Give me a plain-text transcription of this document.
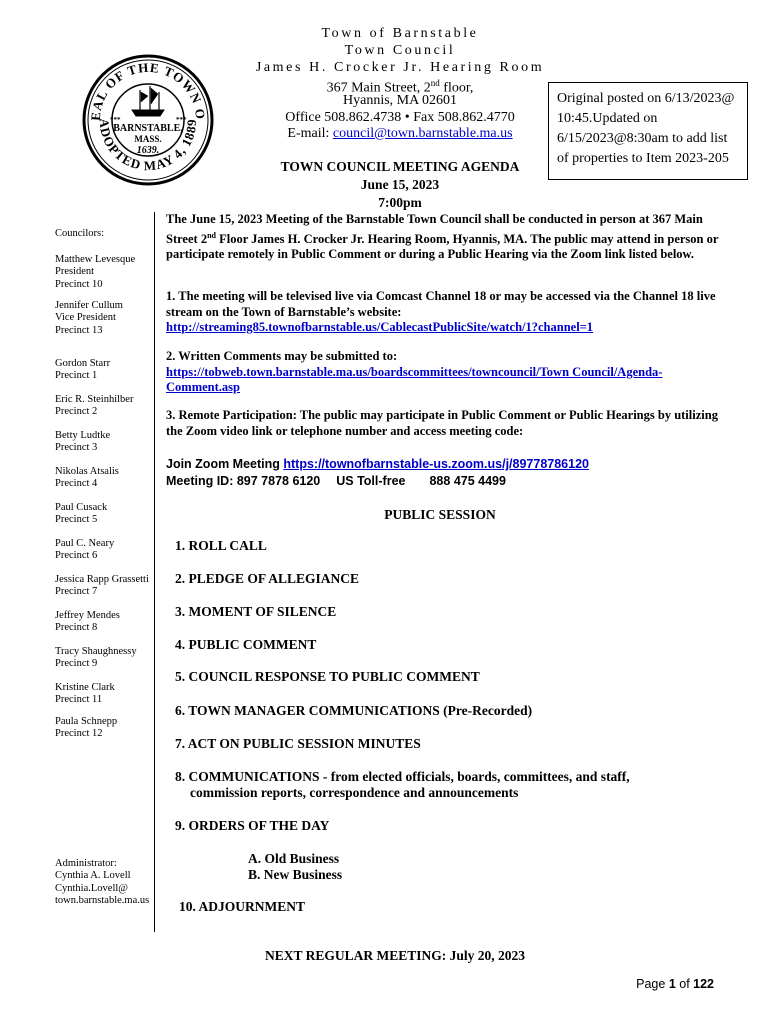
Town of Barnstable
Town Council
James H. Crocker Jr. Hearing Room
367 Main Street, 2nd floor,
Hyannis, MA 02601
Office 508.862.4738 • Fax 508.862.4770
E-mail: council@town.barnstable.ma.us
EAL OF THE TOWN O
ADOPTED MAY 4, 1889
BARNSTABLE,
MASS.
1639.
***	***
Original posted on 6/13/2023@ 10:45.Updated on 6/15/2023@8:30am to add list of properties to Item 2023-205
TOWN COUNCIL MEETING AGENDA
June 15, 2023
7:00pm
Councilors:
Matthew Levesque
President
Precinct 10
Jennifer Cullum
Vice President
Precinct 13
Gordon Starr
Precinct 1
Eric R. Steinhilber
Precinct 2
Betty Ludtke
Precinct 3
Nikolas Atsalis
Precinct 4
Paul Cusack
Precinct 5
Paul C. Neary
Precinct 6
Jessica Rapp Grassetti
Precinct 7
Jeffrey Mendes
Precinct 8
Tracy Shaughnessy
Precinct 9
Kristine Clark
Precinct 11
Paula Schnepp
Precinct 12
Administrator:
Cynthia A. Lovell
Cynthia.Lovell@
town.barnstable.ma.us
The June 15, 2023 Meeting of the Barnstable Town Council shall be conducted in person at 367 Main Street 2nd Floor James H. Crocker Jr. Hearing Room, Hyannis, MA. The public may attend in person or participate remotely in Public Comment or during a Public Hearing via the Zoom link listed below.
1. The meeting will be televised live via Comcast Channel 18 or may be accessed via the Channel 18 live stream on the Town of Barnstable’s website:
http://streaming85.townofbarnstable.us/CablecastPublicSite/watch/1?channel=1
2. Written Comments may be submitted to:
https://tobweb.town.barnstable.ma.us/boardscommittees/towncouncil/Town Council/Agenda-Comment.asp
3. Remote Participation: The public may participate in Public Comment or Public Hearings by utilizing the Zoom video link or telephone number and access meeting code:
Join Zoom Meeting https://townofbarnstable-us.zoom.us/j/89778786120
Meeting ID: 897 7878 6120 US Toll-free 888 475 4499
PUBLIC SESSION
1. ROLL CALL
2. PLEDGE OF ALLEGIANCE
3. MOMENT OF SILENCE
4. PUBLIC COMMENT
5. COUNCIL RESPONSE TO PUBLIC COMMENT
6. TOWN MANAGER COMMUNICATIONS (Pre-Recorded)
7. ACT ON PUBLIC SESSION MINUTES
8. COMMUNICATIONS - from elected officials, boards, committees, and staff,
commission reports, correspondence and announcements
9. ORDERS OF THE DAY
A. Old Business
B. New Business
10. ADJOURNMENT
NEXT REGULAR MEETING: July 20, 2023
Page 1 of 122
